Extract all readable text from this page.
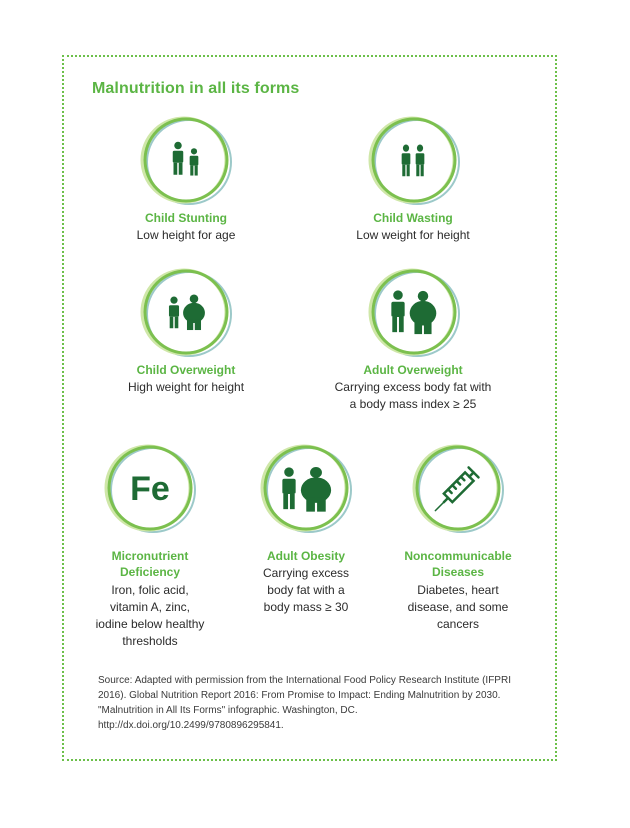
Malnutrition in all its forms
Child Stunting
Low height for age
Child Wasting
Low weight for height
Child Overweight
High weight for height
Adult Overweight
Carrying excess body fat with
a body mass index ≥ 25
Fe
Micronutrient
Deficiency
Iron, folic acid,
vitamin A, zinc,
iodine below healthy
thresholds
Adult Obesity
Carrying excess
body fat with a
body mass ≥ 30
Noncommunicable
Diseases
Diabetes, heart
disease, and some
cancers
Source: Adapted with permission from the International Food Policy Research Institute (IFPRI 2016). Global Nutrition Report 2016: From Promise to Impact: Ending Malnutrition by 2030. "Malnutrition in All Its Forms" infographic. Washington, DC. http://dx.doi.org/10.2499/9780896295841.
